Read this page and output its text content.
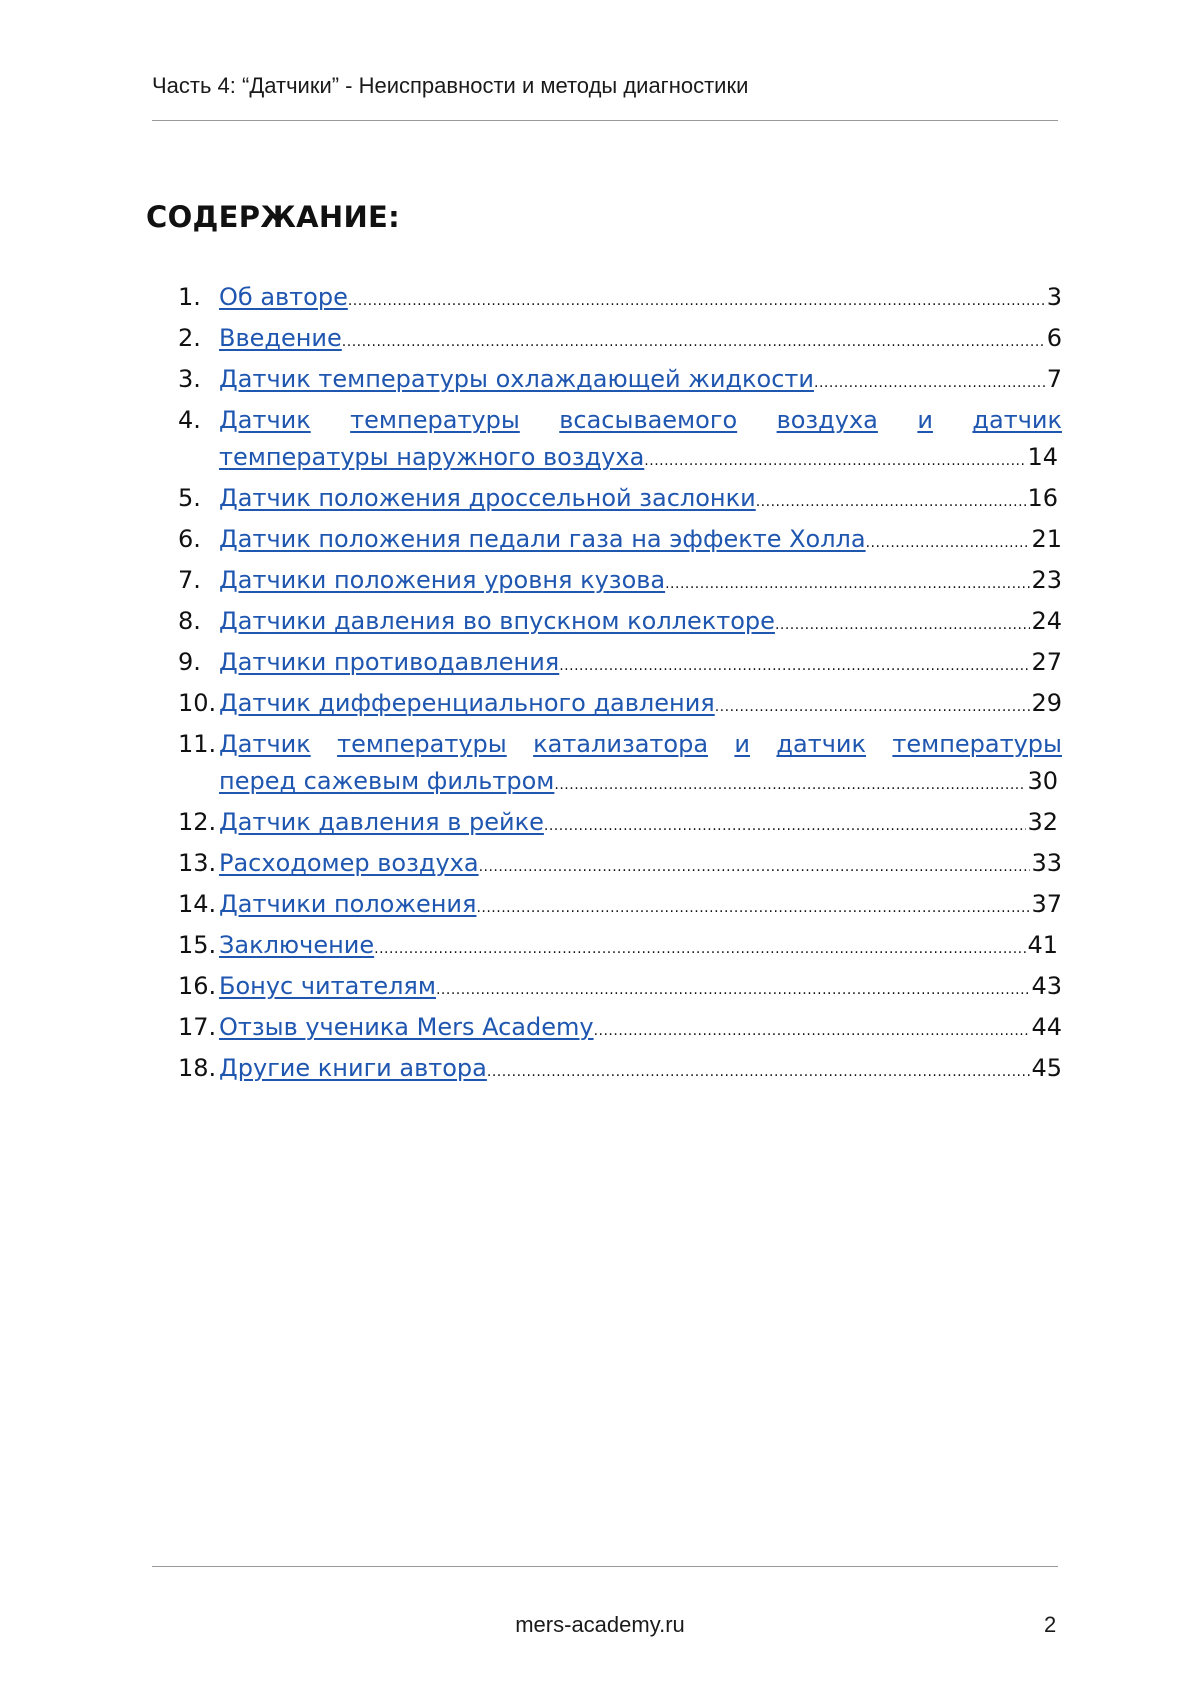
Часть 4: “Датчики” - Неисправности и методы диагностики
СОДЕРЖАНИЕ:
1. Об авторе .....	3
2. Введение .....	6
3. Датчик температуры охлаждающей жидкости .....	7
4. Датчик температуры всасываемого воздуха и датчик
температуры наружного воздуха .....	14
5. Датчик положения дроссельной заслонки .....	16
6. Датчик положения педали газа на эффекте Холла .....	21
7. Датчики положения уровня кузова .....	23
8. Датчики давления во впускном коллекторе .....	24
9. Датчики противодавления .....	27
10. Датчик дифференциального давления .....	29
11. Датчик температуры катализатора и датчик температуры
перед сажевым фильтром .....	30
12. Датчик давления в рейке .....	32
13. Расходомер воздуха .....	33
14. Датчики положения .....	37
15. Заключение .....	41
16. Бонус читателям .....	43
17. Отзыв ученика Mers Academy .....	44
18. Другие книги автора .....	45
mers-academy.ru	2
